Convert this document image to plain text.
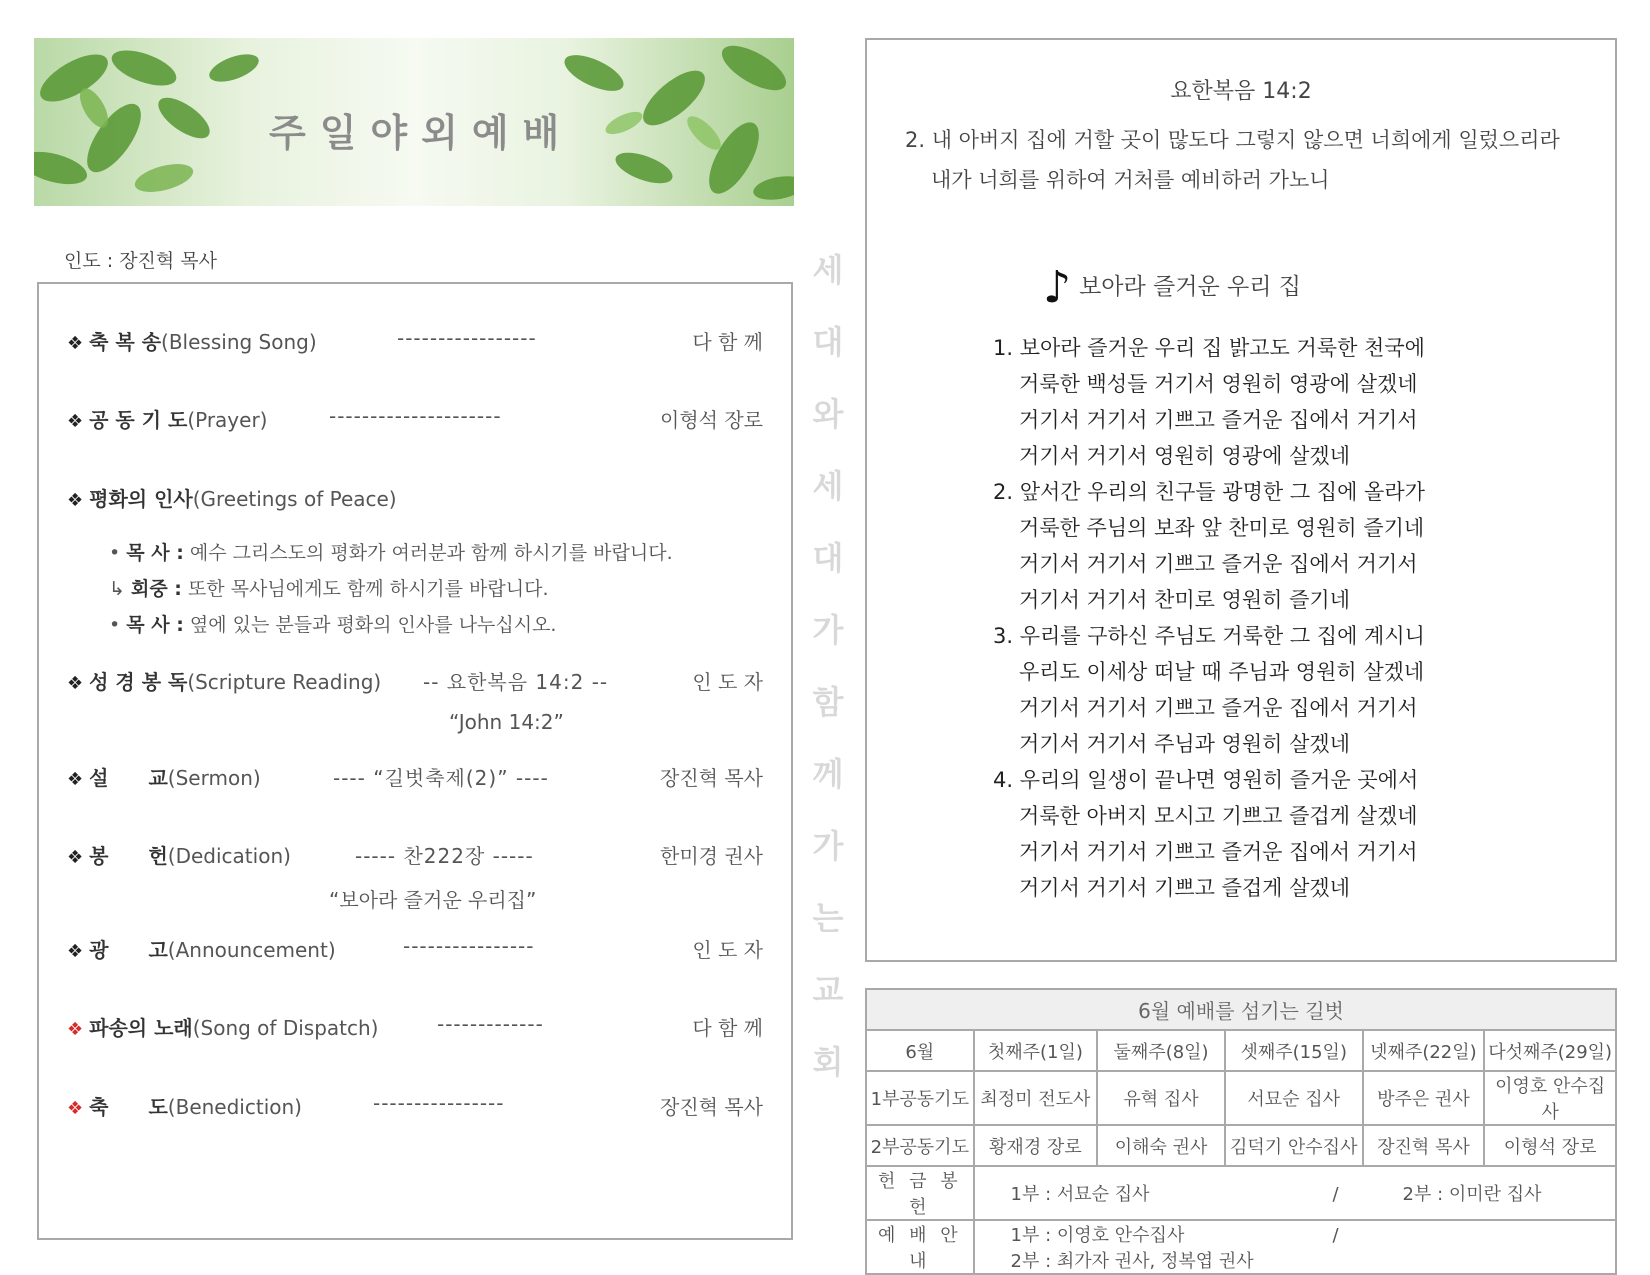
주일야외예배
인도 : 장진혁 목사
❖ 축 복 송(Blessing Song)	-----------------	다 함 께
❖ 공 동 기 도(Prayer)	---------------------	이형석 장로
❖ 평화의 인사(Greetings of Peace)
• 목 사 : 예수 그리스도의 평화가 여러분과 함께 하시기를 바랍니다.
↳ 회중 : 또한 목사님에게도 함께 하시기를 바랍니다.
• 목 사 : 옆에 있는 분들과 평화의 인사를 나누십시오.
❖ 성 경 봉 독(Scripture Reading) -- 요한복음 14:2 --	인 도 자
“John 14:2”
❖ 설 교(Sermon)	---- “길벗축제(2)” ----	장진혁 목사
❖ 봉 헌(Dedication)	----- 찬222장 -----	한미경 권사
“보아라 즐거운 우리집”
❖ 광 고(Announcement)	----------------	인 도 자
❖ 파송의 노래(Song of Dispatch)	-------------	다 함 께
❖ 축 도(Benediction)	----------------	장진혁 목사
세
대
와
세
대
가
함
께
가
는
교
회
요한복음 14:2
2. 내 아버지 집에 거할 곳이 많도다 그렇지 않으면 너희에게 일렀으리라
내가 너희를 위하여 거처를 예비하러 가노니
♪ 보아라 즐거운 우리 집
1. 보아라 즐거운 우리 집 밝고도 거룩한 천국에
거룩한 백성들 거기서 영원히 영광에 살겠네
거기서 거기서 기쁘고 즐거운 집에서 거기서
거기서 거기서 영원히 영광에 살겠네
2. 앞서간 우리의 친구들 광명한 그 집에 올라가
거룩한 주님의 보좌 앞 찬미로 영원히 즐기네
거기서 거기서 기쁘고 즐거운 집에서 거기서
거기서 거기서 찬미로 영원히 즐기네
3. 우리를 구하신 주님도 거룩한 그 집에 계시니
우리도 이세상 떠날 때 주님과 영원히 살겠네
거기서 거기서 기쁘고 즐거운 집에서 거기서
거기서 거기서 주님과 영원히 살겠네
4. 우리의 일생이 끝나면 영원히 즐거운 곳에서
거룩한 아버지 모시고 기쁘고 즐겁게 살겠네
거기서 거기서 기쁘고 즐거운 집에서 거기서
거기서 거기서 기쁘고 즐겁게 살겠네
6월 예배를 섬기는 길벗					
6월	첫째주(1일)	둘째주(8일)	셋째주(15일)	넷째주(22일)	다섯째주(29일)
1부공동기도	최정미 전도사	유혁 집사	서묘순 집사	방주은 권사	이영호 안수집사
2부공동기도	황재경 장로	이해숙 권사	김덕기 안수집사	장진혁 목사	이형석 장로
헌 금 봉 헌	1부 : 서묘순 집사 / 2부 : 이미란 집사				
예 배 안 내	1부 : 이영호 안수집사 /2부 : 최가자 권사, 정복엽 권사				
